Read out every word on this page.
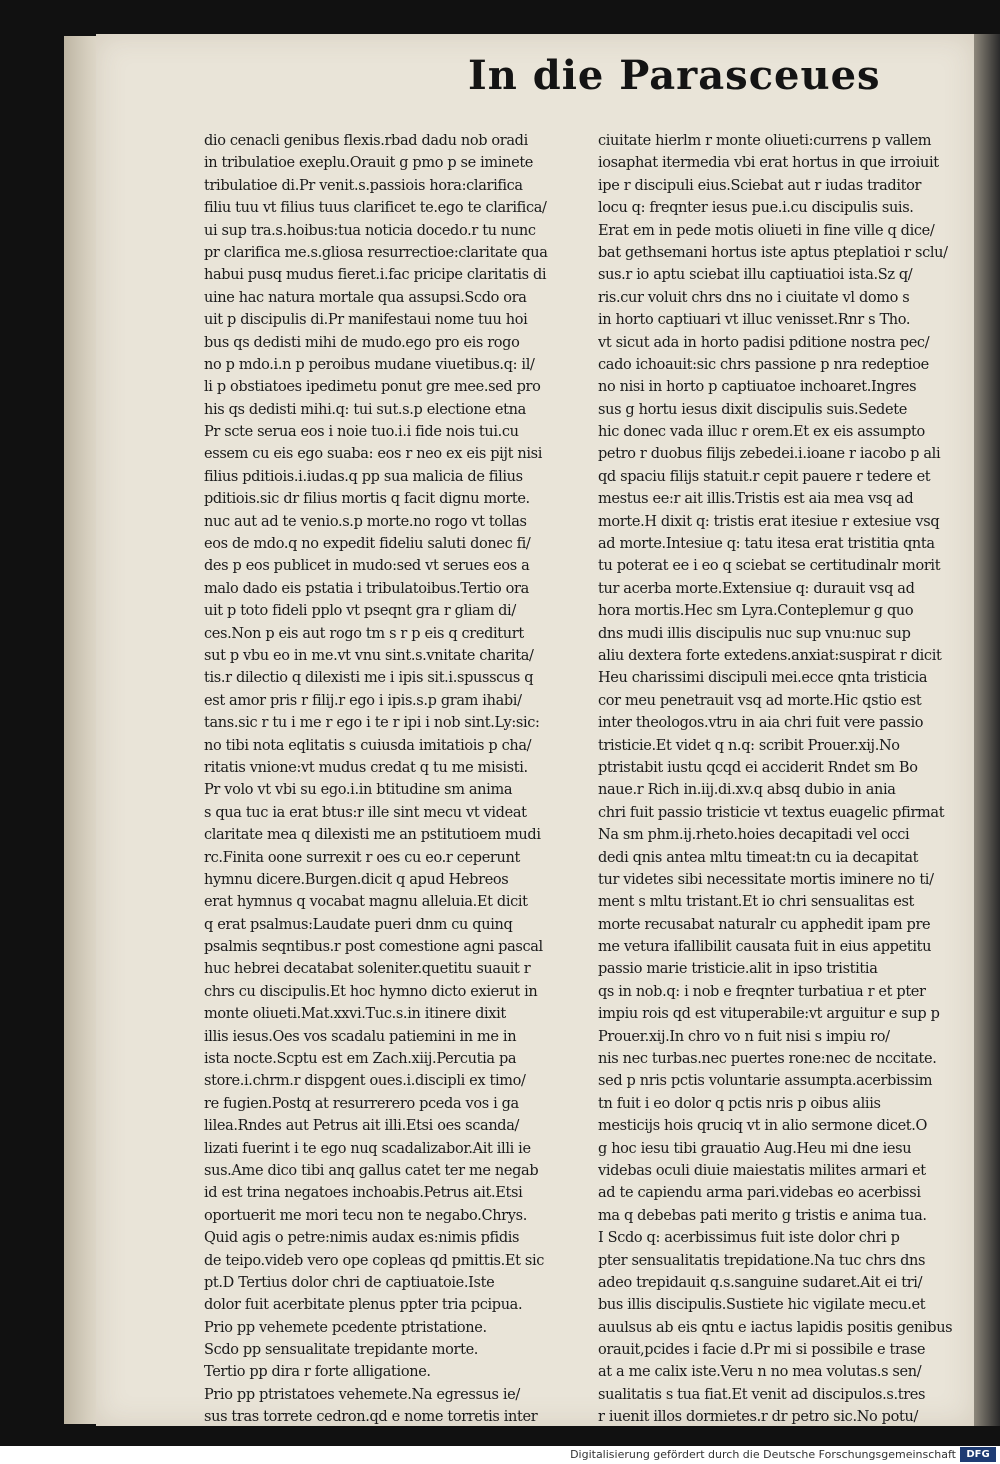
In die Parasceues
dio cenacli genibus flexis.rbad dadu nob oradi
in tribulatioe exeplu.Orauit g pmo p se iminete
tribulatioe di.Pr venit.s.passiois hora:clarifica
filiu tuu vt filius tuus clarificet te.ego te clarifica/
ui sup tra.s.hoibus:tua noticia docedo.r tu nunc
pr clarifica me.s.gliosa resurrectioe:claritate qua
habui pusq mudus fieret.i.fac pricipe claritatis di
uine hac natura mortale qua assupsi.Scdo ora
uit p discipulis di.Pr manifestaui nome tuu hoi
bus qs dedisti mihi de mudo.ego pro eis rogo
no p mdo.i.n p peroibus mudane viuetibus.q: il/
li p obstiatoes ipedimetu ponut gre mee.sed pro
his qs dedisti mihi.q: tui sut.s.p electione etna
Pr scte serua eos i noie tuo.i.i fide nois tui.cu
essem cu eis ego suaba: eos r neo ex eis pijt nisi
filius pditiois.i.iudas.q pp sua malicia de filius
pditiois.sic dr filius mortis q facit dignu morte.
nuc aut ad te venio.s.p morte.no rogo vt tollas
eos de mdo.q no expedit fideliu saluti donec fi/
des p eos publicet in mudo:sed vt serues eos a
malo dado eis pstatia i tribulatoibus.Tertio ora
uit p toto fideli pplo vt pseqnt gra r gliam di/
ces.Non p eis aut rogo tm s r p eis q crediturt
sut p vbu eo in me.vt vnu sint.s.vnitate charita/
tis.r dilectio q dilexisti me i ipis sit.i.spusscus q
est amor pris r filij.r ego i ipis.s.p gram ihabi/
tans.sic r tu i me r ego i te r ipi i nob sint.Ly:sic:
no tibi nota eqlitatis s cuiusda imitatiois p cha/
ritatis vnione:vt mudus credat q tu me misisti.
Pr volo vt vbi su ego.i.in btitudine sm anima
s qua tuc ia erat btus:r ille sint mecu vt videat
claritate mea q dilexisti me an pstitutioem mudi
rc.Finita oone surrexit r oes cu eo.r ceperunt
hymnu dicere.Burgen.dicit q apud Hebreos
erat hymnus q vocabat magnu alleluia.Et dicit
q erat psalmus:Laudate pueri dnm cu quinq
psalmis seqntibus.r post comestione agni pascal
huc hebrei decatabat soleniter.quetitu suauit r
chrs cu discipulis.Et hoc hymno dicto exierut in
monte oliueti.Mat.xxvi.Tuc.s.in itinere dixit
illis iesus.Oes vos scadalu patiemini in me in
ista nocte.Scptu est em Zach.xiij.Percutia pa
store.i.chrm.r dispgent oues.i.discipli ex timo/
re fugien.Postq at resurrerero pceda vos i ga
lilea.Rndes aut Petrus ait illi.Etsi oes scanda/
lizati fuerint i te ego nuq scadalizabor.Ait illi ie
sus.Ame dico tibi anq gallus catet ter me negab
id est trina negatoes inchoabis.Petrus ait.Etsi
oportuerit me mori tecu non te negabo.Chrys.
Quid agis o petre:nimis audax es:nimis pfidis
de teipo.videb vero ope copleas qd pmittis.Et sic
pt.D Tertius dolor chri de captiuatoie.Iste
dolor fuit acerbitate plenus ppter tria pcipua.
Prio pp vehemete pcedente ptristatione.
Scdo pp sensualitate trepidante morte.
Tertio pp dira r forte alligatione.
Prio pp ptristatoes vehemete.Na egressus ie/
sus tras torrete cedron.qd e nome torretis inter
ciuitate hierlm r monte oliueti:currens p vallem
iosaphat itermedia vbi erat hortus in que irroiuit
ipe r discipuli eius.Sciebat aut r iudas traditor
locu q: freqnter iesus pue.i.cu discipulis suis.
Erat em in pede motis oliueti in fine ville q dice/
bat gethsemani hortus iste aptus pteplatioi r sclu/
sus.r io aptu sciebat illu captiuatioi ista.Sz q/
ris.cur voluit chrs dns no i ciuitate vl domo s
in horto captiuari vt illuc venisset.Rnr s Tho.
vt sicut ada in horto padisi pditione nostra pec/
cado ichoauit:sic chrs passione p nra redeptioe
no nisi in horto p captiuatoe inchoaret.Ingres
sus g hortu iesus dixit discipulis suis.Sedete
hic donec vada illuc r orem.Et ex eis assumpto
petro r duobus filijs zebedei.i.ioane r iacobo p ali
qd spaciu filijs statuit.r cepit pauere r tedere et
mestus ee:r ait illis.Tristis est aia mea vsq ad
morte.H dixit q: tristis erat itesiue r extesiue vsq
ad morte.Intesiue q: tatu itesa erat tristitia qnta
tu poterat ee i eo q sciebat se certitudinalr morit
tur acerba morte.Extensiue q: durauit vsq ad
hora mortis.Hec sm Lyra.Conteplemur g quo
dns mudi illis discipulis nuc sup vnu:nuc sup
aliu dextera forte extedens.anxiat:suspirat r dicit
Heu charissimi discipuli mei.ecce qnta tristicia
cor meu penetrauit vsq ad morte.Hic qstio est
inter theologos.vtru in aia chri fuit vere passio
tristicie.Et videt q n.q: scribit Prouer.xij.No
ptristabit iustu qcqd ei acciderit Rndet sm Bo
naue.r Rich in.iij.di.xv.q absq dubio in ania
chri fuit passio tristicie vt textus euagelic pfirmat
Na sm phm.ij.rheto.hoies decapitadi vel occi
dedi qnis antea mltu timeat:tn cu ia decapitat
tur videtes sibi necessitate mortis iminere no ti/
ment s mltu tristant.Et io chri sensualitas est
morte recusabat naturalr cu apphedit ipam pre
me vetura ifallibilit causata fuit in eius appetitu
passio marie tristicie.alit in ipso tristitia
qs in nob.q: i nob e freqnter turbatiua r et pter
impiu rois qd est vituperabile:vt arguitur e sup p
Prouer.xij.In chro vo n fuit nisi s impiu ro/
nis nec turbas.nec puertes rone:nec de nccitate.
sed p nris pctis voluntarie assumpta.acerbissim
tn fuit i eo dolor q pctis nris p oibus aliis
mesticijs hois qruciq vt in alio sermone dicet.O
g hoc iesu tibi grauatio Aug.Heu mi dne iesu
videbas oculi diuie maiestatis milites armari et
ad te capiendu arma pari.videbas eo acerbissi
ma q debebas pati merito g tristis e anima tua.
I Scdo q: acerbissimus fuit iste dolor chri p
pter sensualitatis trepidatione.Na tuc chrs dns
adeo trepidauit q.s.sanguine sudaret.Ait ei tri/
bus illis discipulis.Sustiete hic vigilate mecu.et
auulsus ab eis qntu e iactus lapidis positis genibus
orauit,pcides i facie d.Pr mi si possibile e trase
at a me calix iste.Veru n no mea volutas.s sen/
sualitatis s tua fiat.Et venit ad discipulos.s.tres
r iuenit illos dormietes.r dr petro sic.No potu/
Digitalisierung gefördert durch die Deutsche Forschungsgemeinschaft	DFG
